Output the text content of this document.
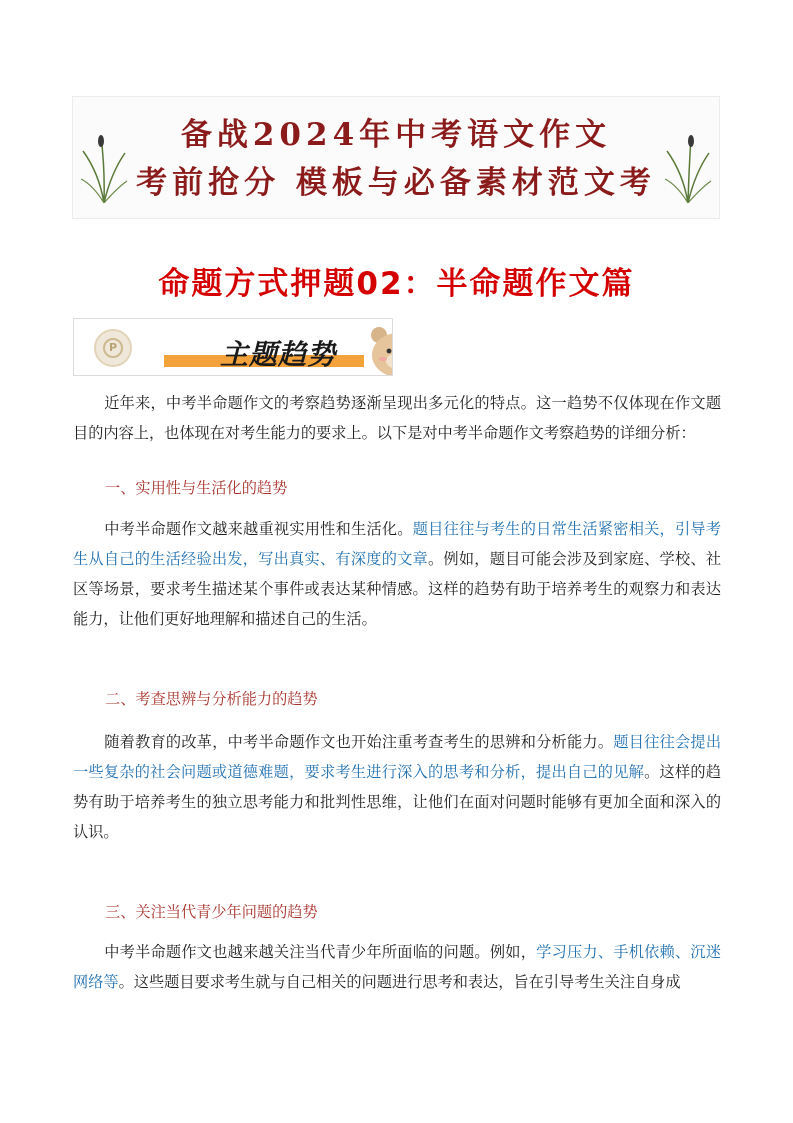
备战2024年中考语文作文
考前抢分 模板与必备素材范文考
命题方式押题02：半命题作文篇
P	主题趋势

近年来，中考半命题作文的考察趋势逐渐呈现出多元化的特点。这一趋势不仅体现在作文题目的内容上，也体现在对考生能力的要求上。以下是对中考半命题作文考察趋势的详细分析：

一、实用性与生活化的趋势

中考半命题作文越来越重视实用性和生活化。题目往往与考生的日常生活紧密相关，引导考生从自己的生活经验出发，写出真实、有深度的文章。例如，题目可能会涉及到家庭、学校、社区等场景，要求考生描述某个事件或表达某种情感。这样的趋势有助于培养考生的观察力和表达能力，让他们更好地理解和描述自己的生活。

二、考查思辨与分析能力的趋势

随着教育的改革，中考半命题作文也开始注重考查考生的思辨和分析能力。题目往往会提出一些复杂的社会问题或道德难题，要求考生进行深入的思考和分析，提出自己的见解。这样的趋势有助于培养考生的独立思考能力和批判性思维，让他们在面对问题时能够有更加全面和深入的认识。

三、关注当代青少年问题的趋势

中考半命题作文也越来越关注当代青少年所面临的问题。例如，学习压力、手机依赖、沉迷网络等。这些题目要求考生就与自己相关的问题进行思考和表达，旨在引导考生关注自身成
